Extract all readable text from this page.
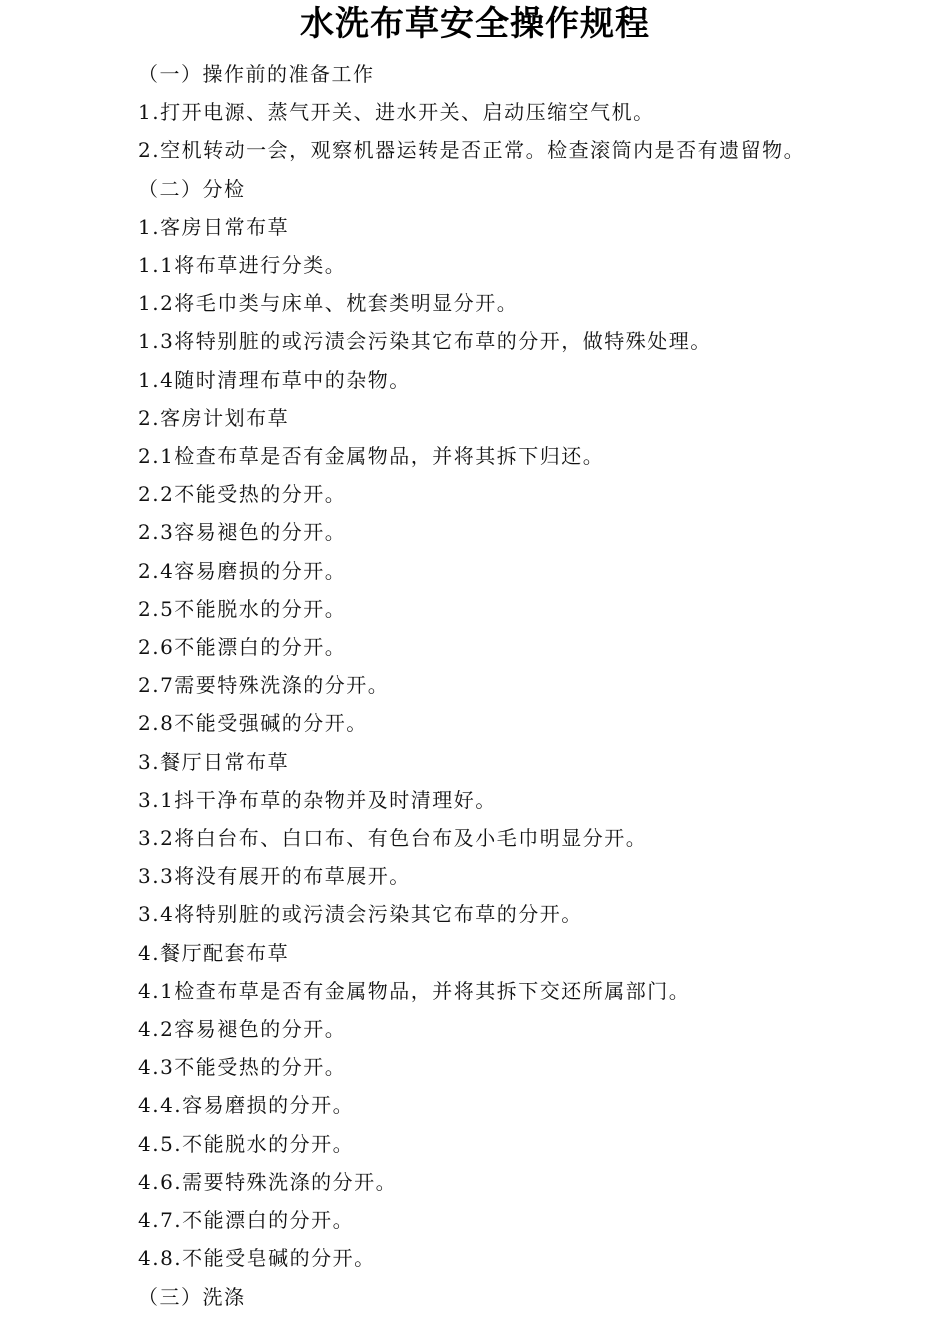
水洗布草安全操作规程
（一）操作前的准备工作
1.打开电源、蒸气开关、进水开关、启动压缩空气机。
2.空机转动一会，观察机器运转是否正常。检查滚筒内是否有遗留物。
（二）分检
1.客房日常布草
1.1将布草进行分类。
1.2将毛巾类与床单、枕套类明显分开。
1.3将特别脏的或污渍会污染其它布草的分开，做特殊处理。
1.4随时清理布草中的杂物。
2.客房计划布草
2.1检查布草是否有金属物品，并将其拆下归还。
2.2不能受热的分开。
2.3容易褪色的分开。
2.4容易磨损的分开。
2.5不能脱水的分开。
2.6不能漂白的分开。
2.7需要特殊洗涤的分开。
2.8不能受强碱的分开。
3.餐厅日常布草
3.1抖干净布草的杂物并及时清理好。
3.2将白台布、白口布、有色台布及小毛巾明显分开。
3.3将没有展开的布草展开。
3.4将特别脏的或污渍会污染其它布草的分开。
4.餐厅配套布草
4.1检查布草是否有金属物品，并将其拆下交还所属部门。
4.2容易褪色的分开。
4.3不能受热的分开。
4.4.容易磨损的分开。
4.5.不能脱水的分开。
4.6.需要特殊洗涤的分开。
4.7.不能漂白的分开。
4.8.不能受皂碱的分开。
（三）洗涤
